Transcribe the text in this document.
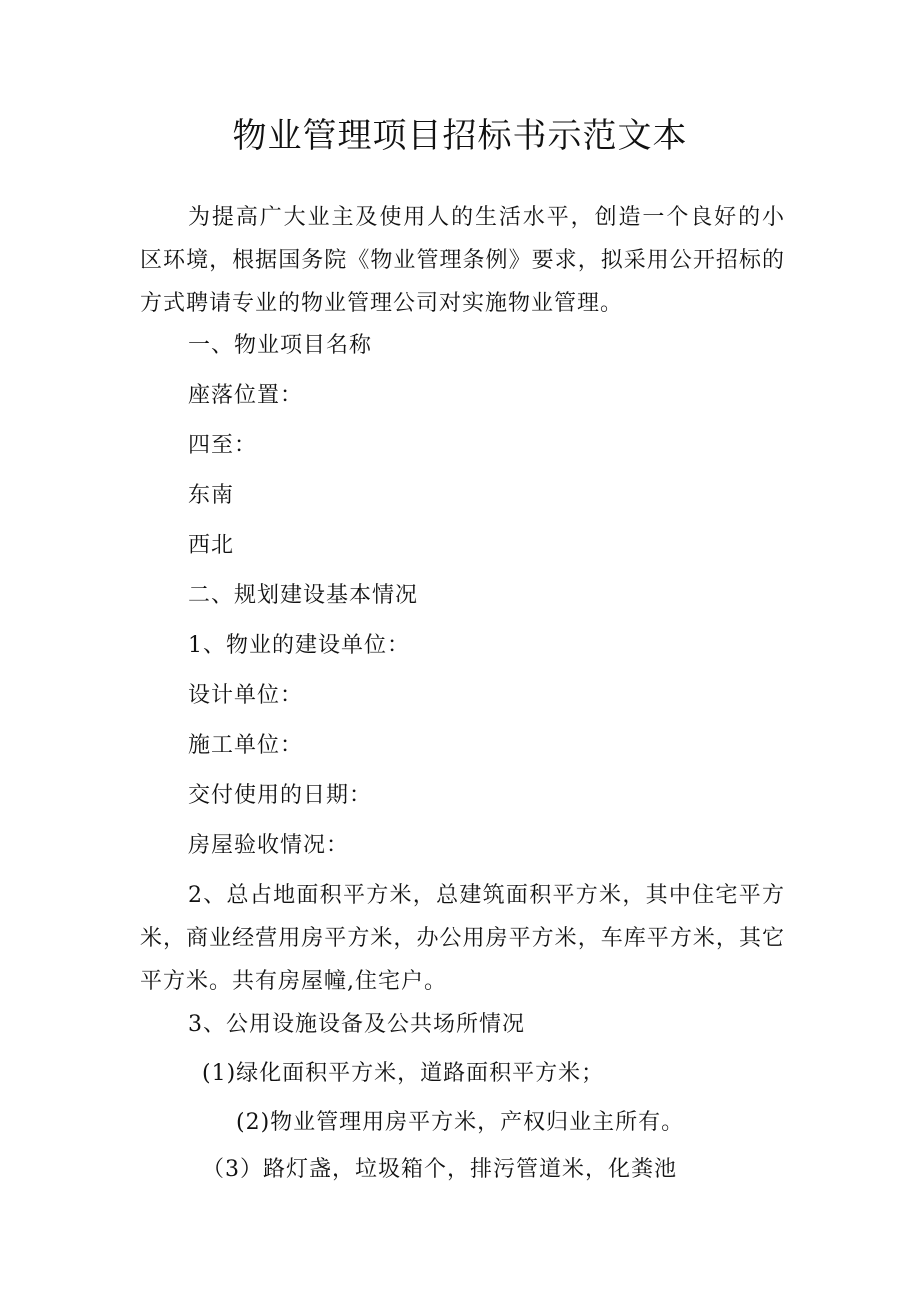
物业管理项目招标书示范文本
为提高广大业主及使用人的生活水平，创造一个良好的小区环境，根据国务院《物业管理条例》要求，拟采用公开招标的方式聘请专业的物业管理公司对实施物业管理。
一、物业项目名称
座落位置：
四至：
东南
西北
二、规划建设基本情况
1、物业的建设单位：
设计单位：
施工单位：
交付使用的日期：
房屋验收情况：
2、总占地面积平方米，总建筑面积平方米，其中住宅平方米，商业经营用房平方米，办公用房平方米，车库平方米，其它平方米。共有房屋幢,住宅户。
3、公用设施设备及公共场所情况
(1)绿化面积平方米，道路面积平方米；
(2)物业管理用房平方米，产权归业主所有。
（3）路灯盏，垃圾箱个，排污管道米，化粪池
